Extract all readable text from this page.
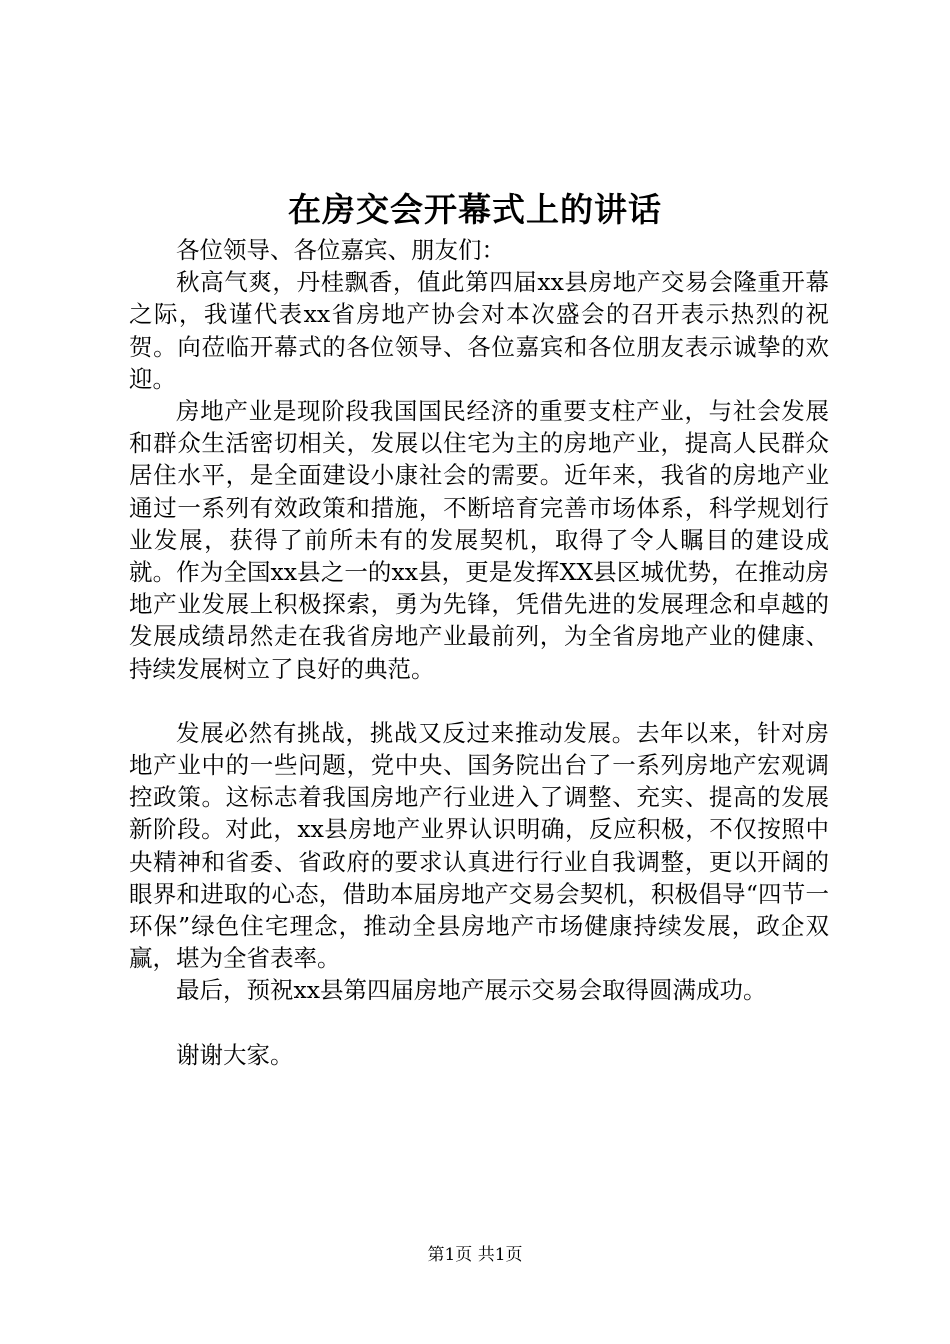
在房交会开幕式上的讲话

各位领导、各位嘉宾、朋友们：

秋高气爽，丹桂飘香，值此第四届xx县房地产交易会隆重开幕之际，我谨代表xx省房地产协会对本次盛会的召开表示热烈的祝贺。向莅临开幕式的各位领导、各位嘉宾和各位朋友表示诚挚的欢迎。

房地产业是现阶段我国国民经济的重要支柱产业，与社会发展和群众生活密切相关，发展以住宅为主的房地产业，提高人民群众居住水平，是全面建设小康社会的需要。近年来，我省的房地产业通过一系列有效政策和措施，不断培育完善市场体系，科学规划行业发展，获得了前所未有的发展契机，取得了令人瞩目的建设成就。作为全国xx县之一的xx县，更是发挥XX县区城优势，在推动房地产业发展上积极探索，勇为先锋，凭借先进的发展理念和卓越的发展成绩昂然走在我省房地产业最前列，为全省房地产业的健康、持续发展树立了良好的典范。

发展必然有挑战，挑战又反过来推动发展。去年以来，针对房地产业中的一些问题，党中央、国务院出台了一系列房地产宏观调控政策。这标志着我国房地产行业进入了调整、充实、提高的发展新阶段。对此，xx县房地产业界认识明确，反应积极，不仅按照中央精神和省委、省政府的要求认真进行行业自我调整，更以开阔的眼界和进取的心态，借助本届房地产交易会契机，积极倡导“四节一环保”绿色住宅理念，推动全县房地产市场健康持续发展，政企双赢，堪为全省表率。

最后，预祝xx县第四届房地产展示交易会取得圆满成功。

谢谢大家。

第1页 共1页
